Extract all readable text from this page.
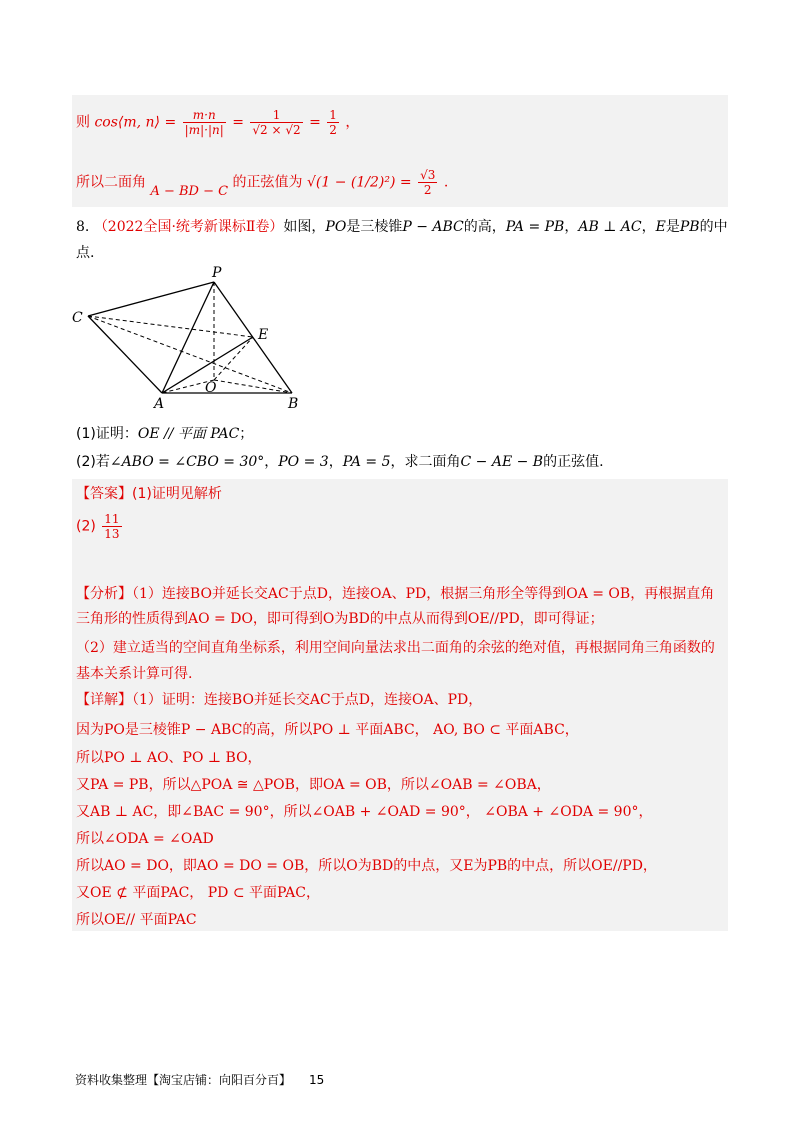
则 cos⟨m, n⟩ = $\frac{m\cdot n}{|m|\cdot|n|} = \frac{1}{√2 \times √2} = \frac{1}{2}$ ，
所以二面角 A − BD − C 的正弦值为 $√(1 - (1/2)^2) = \frac{√3}{2}$ .
8. （2022全国·统考新课标Ⅱ卷）如图，PO是三棱锥P − ABC的高，PA = PB，AB ⊥ AC，E是PB的中
点.
P
C
E
O
A	B
(1)证明：OE // 平面 PAC；
(2)若∠ABO = ∠CBO = 30°，PO = 3，PA = 5，求二面角C − AE − B的正弦值.
【答案】(1)证明见解析
$(2) \frac{11}{13}$
【分析】（1）连接BO并延长交AC于点D，连接OA、PD，根据三角形全等得到OA = OB，再根据直角
三角形的性质得到AO = DO，即可得到O为BD的中点从而得到OE//PD，即可得证；
（2）建立适当的空间直角坐标系，利用空间向量法求出二面角的余弦的绝对值，再根据同角三角函数的
基本关系计算可得.
【详解】（1）证明：连接BO并延长交AC于点D，连接OA、PD，
因为PO是三棱锥P − ABC的高，所以PO ⊥ 平面ABC， AO, BO ⊂ 平面ABC，
所以PO ⊥ AO、PO ⊥ BO，
又PA = PB，所以△POA ≅ △POB，即OA = OB，所以∠OAB = ∠OBA，
又AB ⊥ AC，即∠BAC = 90°，所以∠OAB + ∠OAD = 90°， ∠OBA + ∠ODA = 90°，
所以∠ODA = ∠OAD
所以AO = DO，即AO = DO = OB，所以O为BD的中点，又E为PB的中点，所以OE//PD，
又OE ⊄ 平面PAC， PD ⊂ 平面PAC，
所以OE// 平面PAC
资料收集整理【淘宝店铺：向阳百分百】 15
